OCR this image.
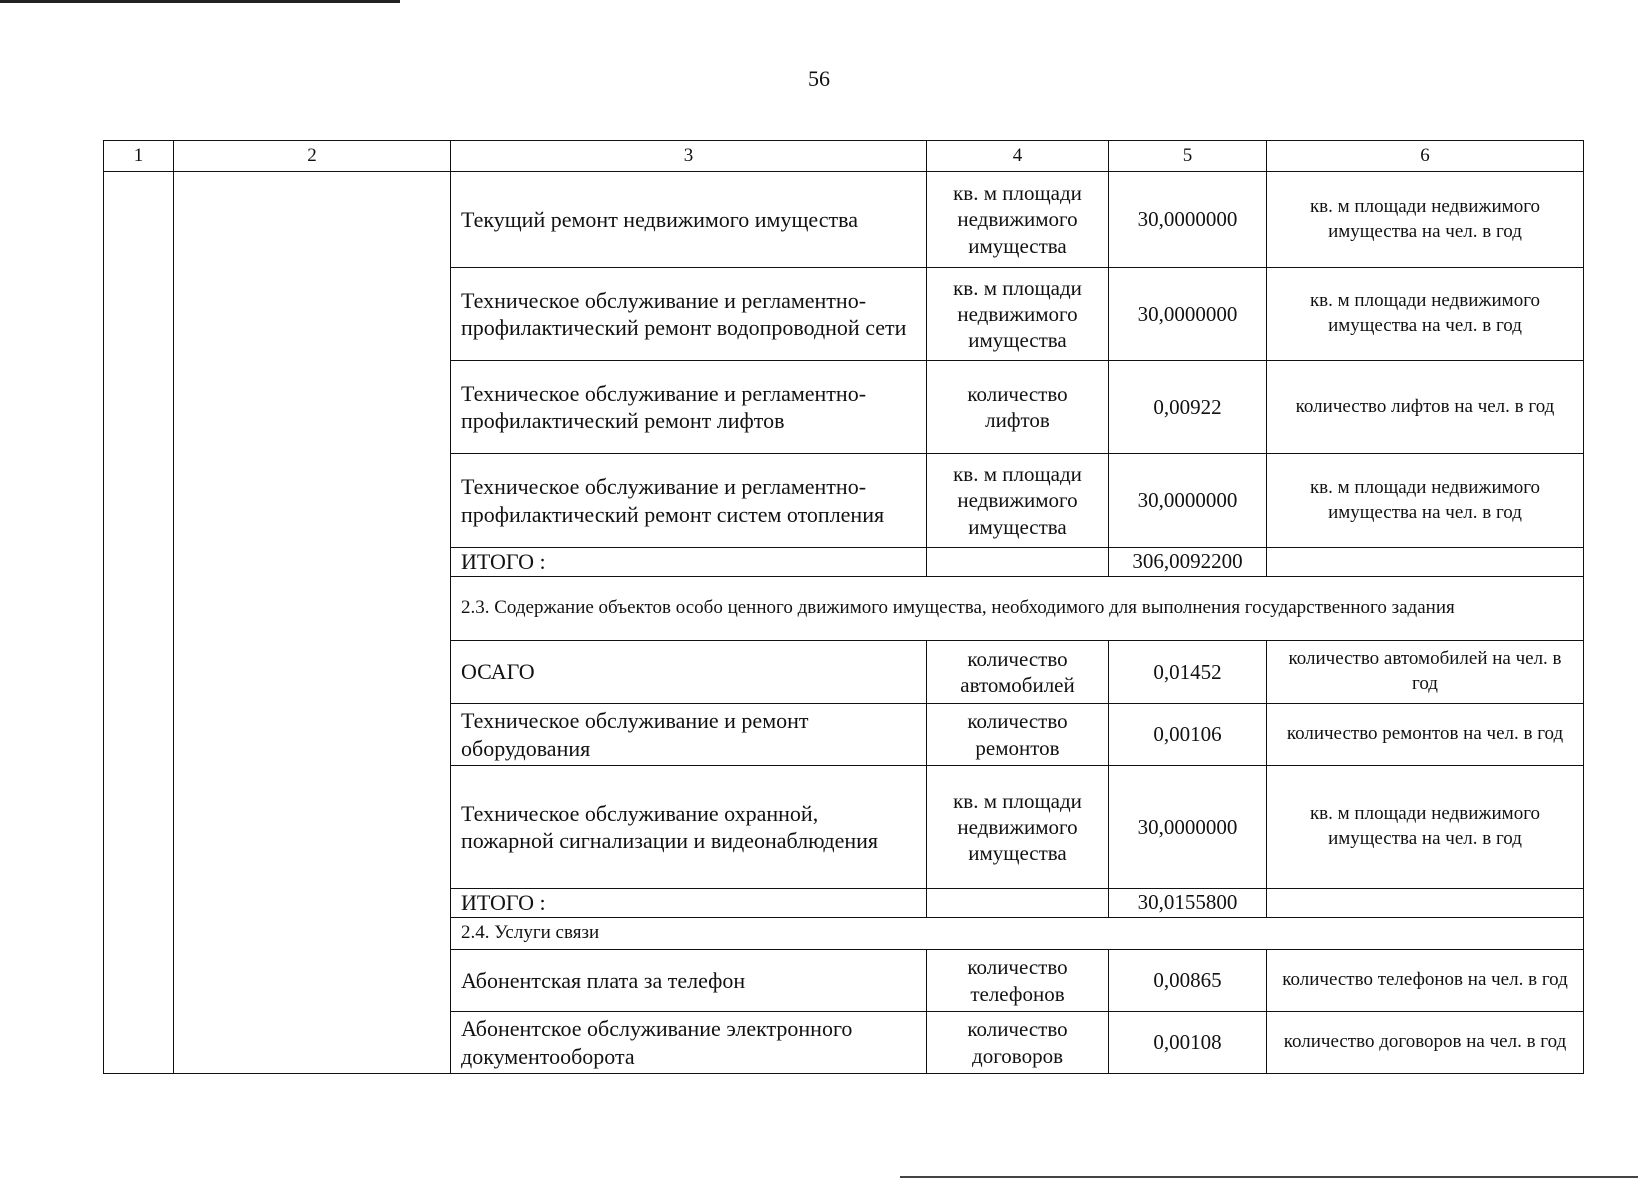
56
1	2	3	4	5	6
		Текущий ремонт недвижимого имущества	кв. м площади недвижимого имущества	30,0000000	кв. м площади недвижимого имущества на чел. в год
		Техническое обслуживание и регламентно-профилактический ремонт водопроводной сети	кв. м площади недвижимого имущества	30,0000000	кв. м площади недвижимого имущества на чел. в год
		Техническое обслуживание и регламентно-профилактический ремонт лифтов	количество лифтов	0,00922	количество лифтов на чел. в год
		Техническое обслуживание и регламентно-профилактический ремонт систем отопления	кв. м площади недвижимого имущества	30,0000000	кв. м площади недвижимого имущества на чел. в год
		ИТОГО :		306,0092200	
		2.3. Содержание объектов особо ценного движимого имущества, необходимого для выполнения государственного задания			
		ОСАГО	количество автомобилей	0,01452	количество автомобилей на чел. в год
		Техническое обслуживание и ремонт оборудования	количество ремонтов	0,00106	количество ремонтов на чел. в год
		Техническое обслуживание охранной, пожарной сигнализации и видеонаблюдения	кв. м площади недвижимого имущества	30,0000000	кв. м площади недвижимого имущества на чел. в год
		ИТОГО :		30,0155800	
		2.4. Услуги связи			
		Абонентская плата за телефон	количество телефонов	0,00865	количество телефонов на чел. в год
		Абонентское обслуживание электронного документооборота	количество договоров	0,00108	количество договоров на чел. в год
